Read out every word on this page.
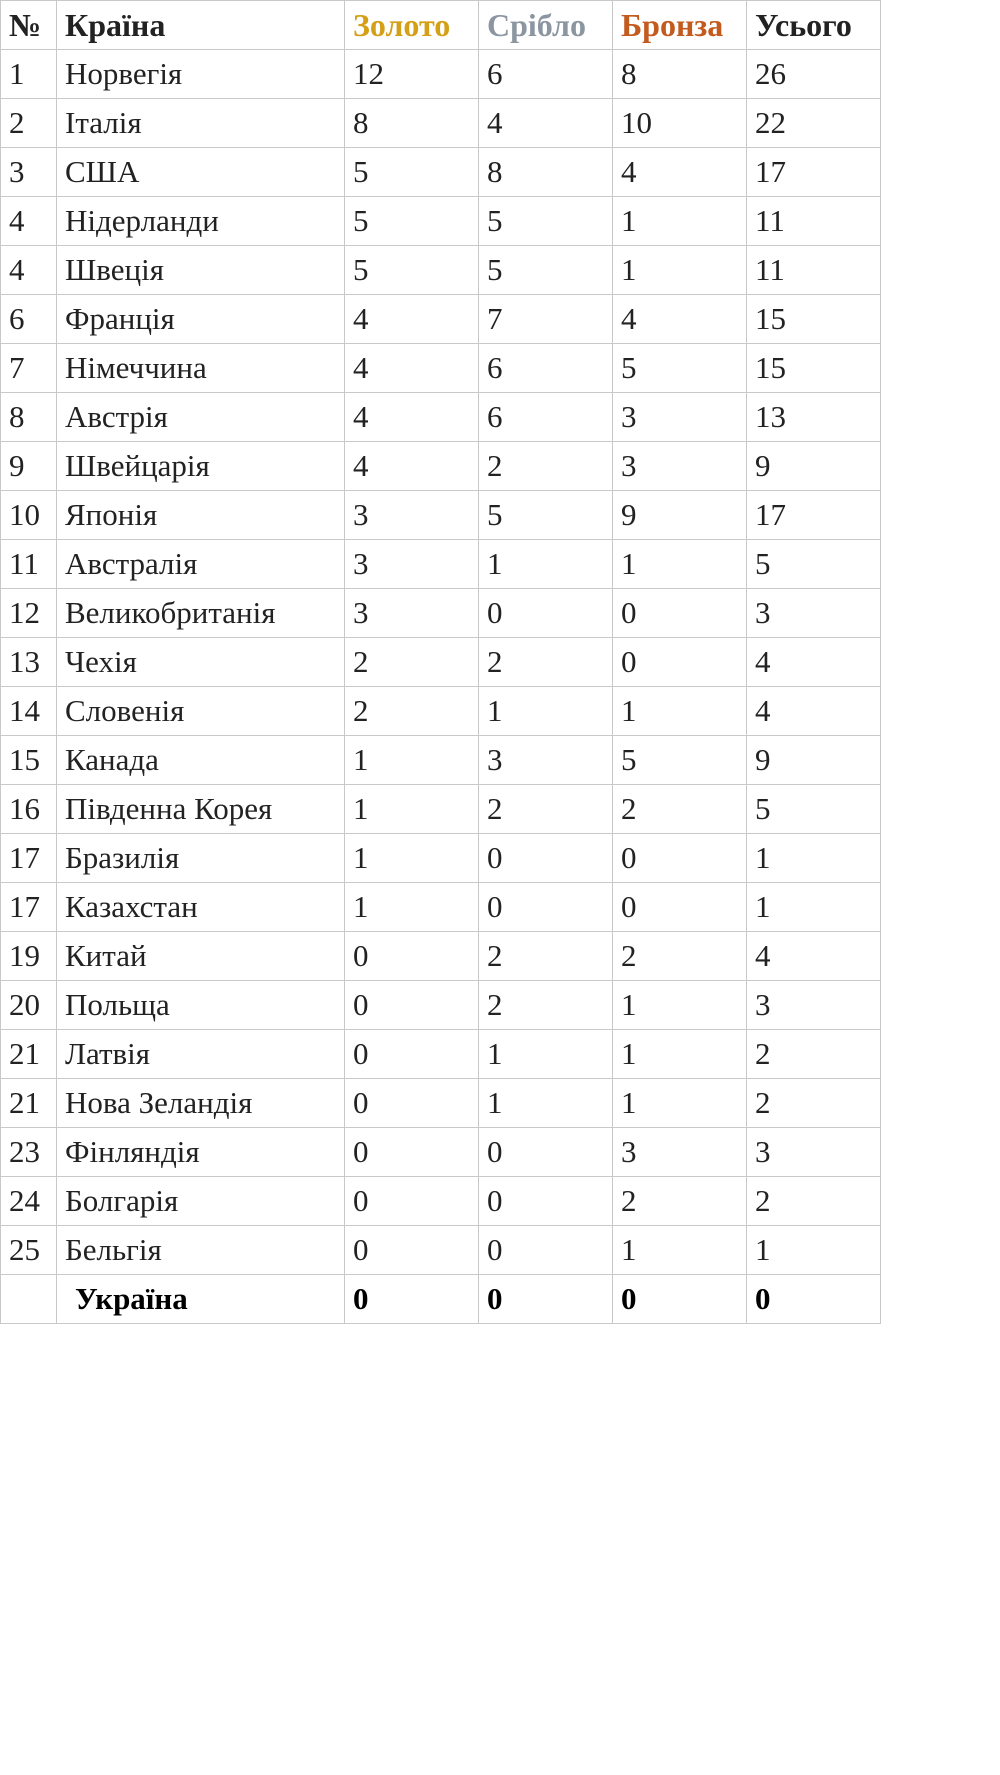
№	Країна	Золото	Срібло	Бронза	Усього
1	Норвегія	12	6	8	26
2	Італія	8	4	10	22
3	США	5	8	4	17
4	Нідерланди	5	5	1	11
4	Швеція	5	5	1	11
6	Франція	4	7	4	15
7	Німеччина	4	6	5	15
8	Австрія	4	6	3	13
9	Швейцарія	4	2	3	9
10	Японія	3	5	9	17
11	Австралія	3	1	1	5
12	Великобританія	3	0	0	3
13	Чехія	2	2	0	4
14	Словенія	2	1	1	4
15	Канада	1	3	5	9
16	Південна Корея	1	2	2	5
17	Бразилія	1	0	0	1
17	Казахстан	1	0	0	1
19	Китай	0	2	2	4
20	Польща	0	2	1	3
21	Латвія	0	1	1	2
21	Нова Зеландія	0	1	1	2
23	Фінляндія	0	0	3	3
24	Болгарія	0	0	2	2
25	Бельгія	0	0	1	1
	Україна	0	0	0	0
